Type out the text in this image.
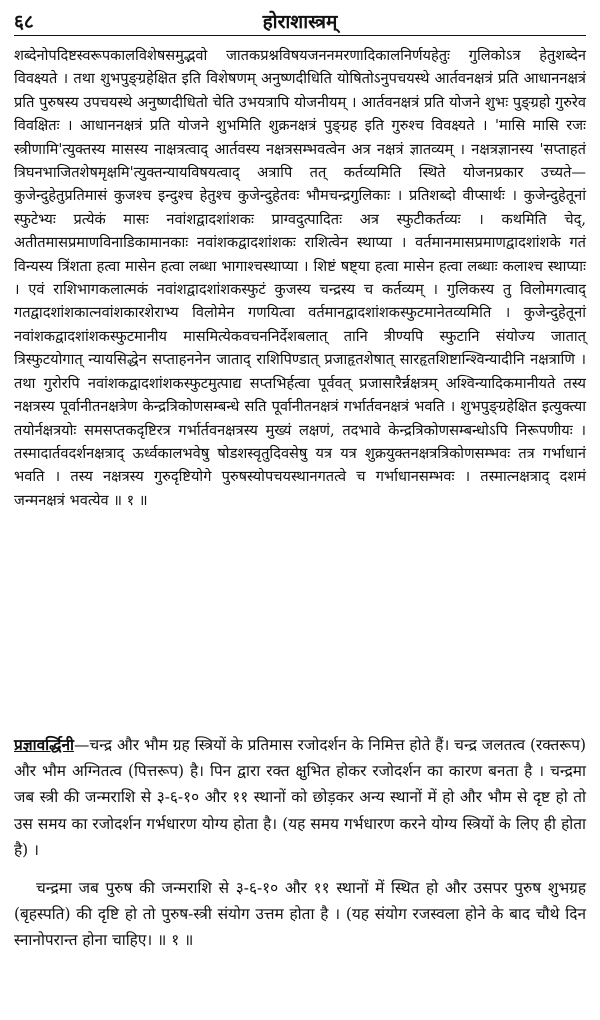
६८	होराशास्त्रम्

शब्देनोपदिष्टस्वरूपकालविशेषसमुद्भवो जातकप्रश्नविषयजननमरणादिकालनिर्णयहेतुः गुलिकोऽत्र हेतुशब्देन विवक्ष्यते । तथा शुभपुङ्ग्रहेक्षित इति विशेषणम् अनुष्णदीधिति योषितोऽनुपचयस्थे आर्तवनक्षत्रं प्रति आधाननक्षत्रं प्रति पुरुषस्य उपचयस्थे अनुष्णदीधितो चेति उभयत्रापि योजनीयम् । आर्तवनक्षत्रं प्रति योजने शुभः पुङ्ग्रहो गुरुरेव विवक्षितः । आधाननक्षत्रं प्रति योजने शुभमिति शुक्रनक्षत्रं पुङ्ग्रह इति गुरुश्च विवक्ष्यते । 'मासि मासि रजः स्त्रीणामि'त्युक्तस्य मासस्य नाक्षत्रत्वाद् आर्तवस्य नक्षत्रसम्भवत्वेन अत्र नक्षत्रं ज्ञातव्यम् । नक्षत्रज्ञानस्य 'सप्ताहतं त्रिघनभाजितशेषमृक्षमि'त्युक्तन्यायविषयत्वाद् अत्रापि तत् कर्तव्यमिति स्थिते योजनप्रकार उच्यते—कुजेन्दुहेतुप्रतिमासं कुजश्च इन्दुश्च हेतुश्च कुजेन्दुहेतवः भौमचन्द्रगुलिकाः । प्रतिशब्दो वीप्सार्थः । कुजेन्दुहेतूनां स्फुटेभ्यः प्रत्येकं मासः नवांशद्वादशांशकः प्राग्वदुत्पादितः अत्र स्फुटीकर्तव्यः । कथमिति चेद्, अतीतमासप्रमाणविनाडिकामानकाः नवांशकद्वादशांशकः राशित्वेन स्थाप्या । वर्तमानमासप्रमाणद्वादशांशके गतं विन्यस्य त्रिंशता हत्वा मासेन हत्वा लब्धा भागाश्चस्थाप्या । शिष्टं षष्ट्या हत्वा मासेन हत्वा लब्धाः कलाश्च स्थाप्याः । एवं राशिभागकलात्मकं नवांशद्वादशांशकस्फुटं कुजस्य चन्द्रस्य च कर्तव्यम् । गुलिकस्य तु विलोमगत्वाद् गतद्वादशांशकात्नवांशकारशेराभ्य विलोमेन गणयित्वा वर्तमानद्वादशांशकस्फुटमानेतव्यमिति । कुजेन्दुहेतूनां नवांशकद्वादशांशकस्फुटमानीय मासमित्येकवचननिर्देशबलात् तानि त्रीण्यपि स्फुटानि संयोज्य जातात् त्रिस्फुटयोगात् न्यायसिद्धेन सप्ताहननेन जाताद् राशिपिण्डात् प्रजाहृतशेषात् सारहृतशिष्टान्श्विन्यादीनि नक्षत्राणि । तथा गुरोरपि नवांशकद्वादशांशकस्फुटमुत्पाद्य सप्तभिर्हत्वा पूर्ववत् प्रजासारैर्न्नक्षत्रम् अश्विन्यादिकमानीयते तस्य नक्षत्रस्य पूर्वानीतनक्षत्रेण केन्द्रत्रिकोणसम्बन्धे सति पूर्वानीतनक्षत्रं गर्भार्तवनक्षत्रं भवति । शुभपुङ्ग्रहेक्षित इत्युक्त्या तयोर्नक्षत्रयोः समसप्तकदृष्टिरत्र गर्भार्तवनक्षत्रस्य मुख्यं लक्षणं, तदभावे केन्द्रत्रिकोणसम्बन्धोऽपि निरूपणीयः । तस्मादार्तवदर्शनक्षत्राद् ऊर्ध्वकालभवेषु षोडशस्वृतुदिवसेषु यत्र यत्र शुक्रयुक्तनक्षत्रत्रिकोणसम्भवः तत्र गर्भाधानं भवति । तस्य नक्षत्रस्य गुरुदृष्टियोगे पुरुषस्योपचयस्थानगतत्वे च गर्भाधानसम्भवः । तस्मात्नक्षत्राद् दशमं जन्मनक्षत्रं भवत्येव ॥ १ ॥

प्रज्ञावर्द्धिनी—चन्द्र और भौम ग्रह स्त्रियों के प्रतिमास रजोदर्शन के निमित्त होते हैं। चन्द्र जलतत्व (रक्तरूप) और भौम अग्नितत्व (पित्तरूप) है। पिन द्वारा रक्त क्षुभित होकर रजोदर्शन का कारण बनता है । चन्द्रमा जब स्त्री की जन्मराशि से ३-६-१० और ११ स्थानों को छोड़कर अन्य स्थानों में हो और भौम से दृष्ट हो तो उस समय का रजोदर्शन गर्भधारण योग्य होता है। (यह समय गर्भधारण करने योग्य स्त्रियों के लिए ही होता है) ।

चन्द्रमा जब पुरुष की जन्मराशि से ३-६-१० और ११ स्थानों में स्थित हो और उसपर पुरुष शुभग्रह (बृहस्पति) की दृष्टि हो तो पुरुष-स्त्री संयोग उत्तम होता है । (यह संयोग रजस्वला होने के बाद चौथे दिन स्नानोपरान्त होना चाहिए। ॥ १ ॥
